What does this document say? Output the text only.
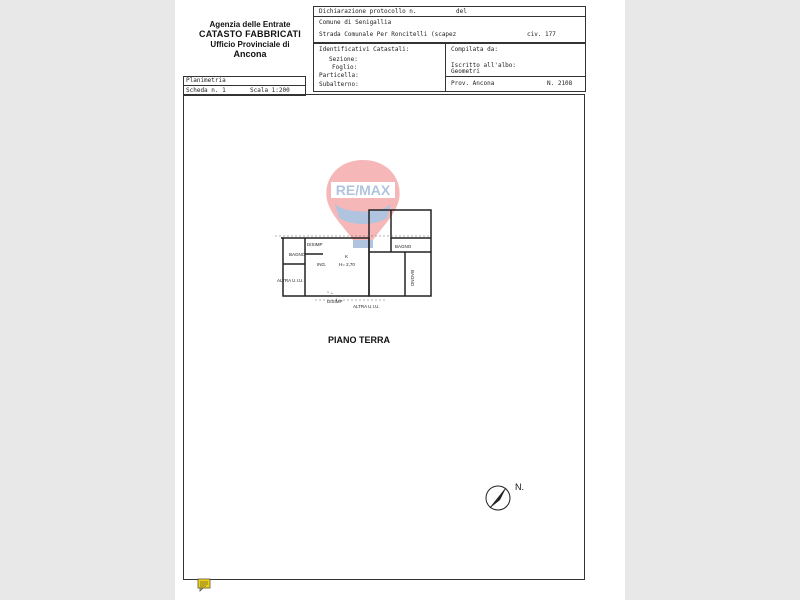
Agenzia delle Entrate
CATASTO FABBRICATI
Ufficio Provinciale di
Ancona
Dichiarazione protocollo n.	del
Comune di Senigallia
Strada Comunale Per Roncitelli (scapez	civ. 177
Identificativi Catastali:
Sezione:
Foglio:
Particella:
Subalterno:
Compilata da:
Iscritto all'albo:
Geometri
Prov. Ancona	N. 2108
Planimetria
Scheda n. 1	Scala 1:200
RE/MAX
DISIMP
BAGNO	K
H= 2,70
ING.
BAGNO
BAGNO
ALTRA U.I.U.
ALTRA U.I.U.
DISIMP
PIANO TERRA
N.
